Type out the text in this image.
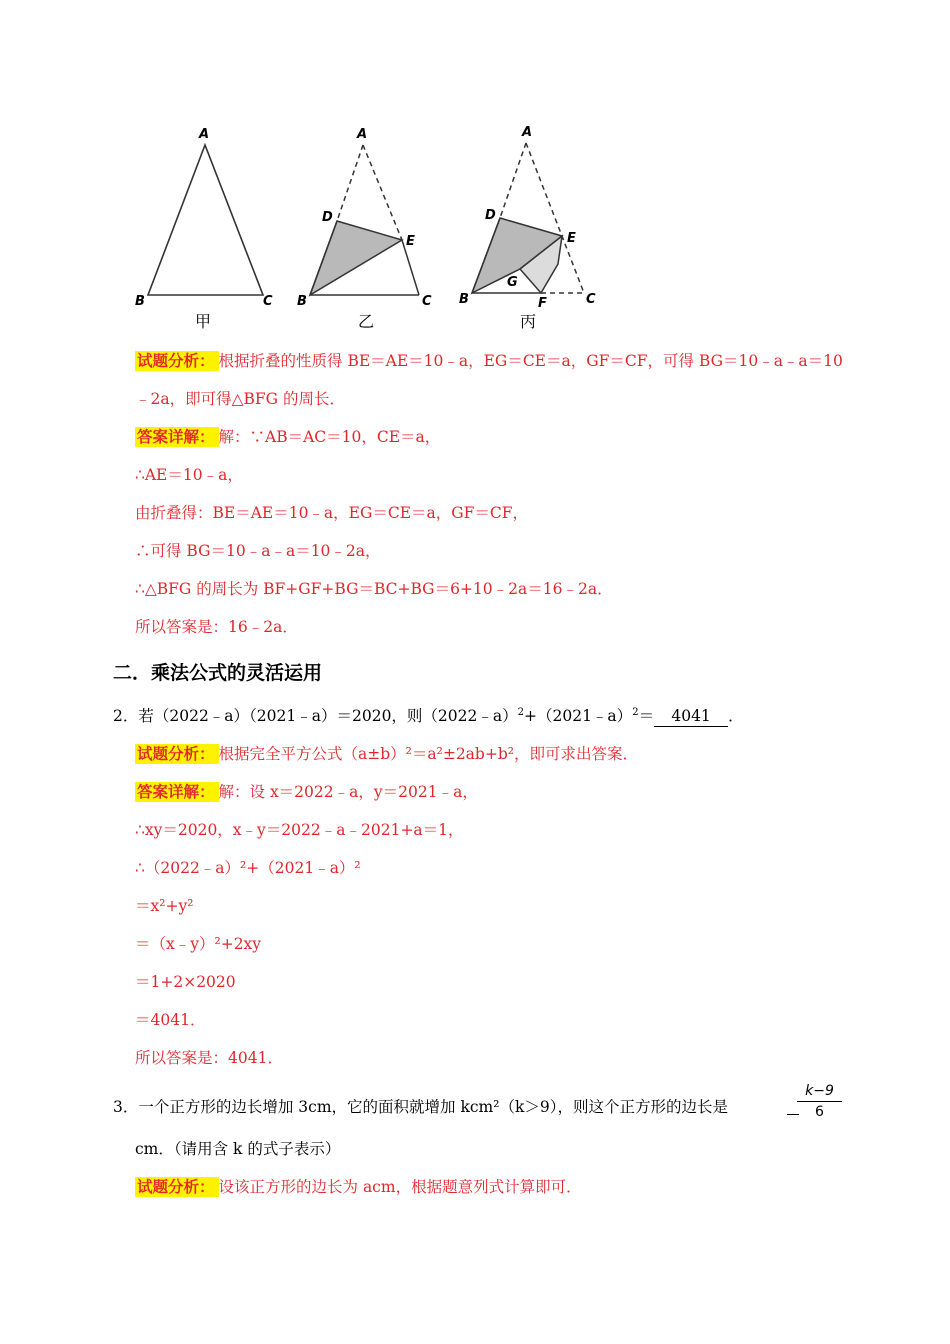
A
B	C
甲
A
B	C
D
E
乙
A
B	C
D
E
G
F
丙
试题分析： 根据折叠的性质得 BE＝AE＝10﹣a，EG＝CE＝a，GF＝CF，可得 BG＝10﹣a﹣a＝10
﹣2a，即可得△BFG 的周长．
答案详解： 解：∵AB＝AC＝10，CE＝a，
∴AE＝10﹣a，
由折叠得：BE＝AE＝10﹣a，EG＝CE＝a，GF＝CF，
∴可得 BG＝10﹣a﹣a＝10﹣2a，
∴△BFG 的周长为 BF+GF+BG＝BC+BG＝6+10﹣2a＝16﹣2a．
所以答案是：16﹣2a．
二．乘法公式的灵活运用
2．若（2022﹣a）（2021﹣a）＝2020，则（2022﹣a）$^2$+（2021﹣a）$^2$＝ 4041 ．
试题分析： 根据完全平方公式（a±b）²＝a²±2ab+b²，即可求出答案．
答案详解： 解：设 x＝2022﹣a，y＝2021﹣a，
∴xy＝2020，x﹣y＝2022﹣a﹣2021+a＝1，
∴（2022﹣a）²+（2021﹣a）²
＝x²+y²
＝（x﹣y）²+2xy
＝1+2×2020
＝4041．
所以答案是：4041．
3．一个正方形的边长增加 3cm，它的面积就增加 kcm²（k＞9），则这个正方形的边长是	$\frac{k-9}{6}$
cm．（请用含 k 的式子表示）
试题分析： 设该正方形的边长为 acm，根据题意列式计算即可．
